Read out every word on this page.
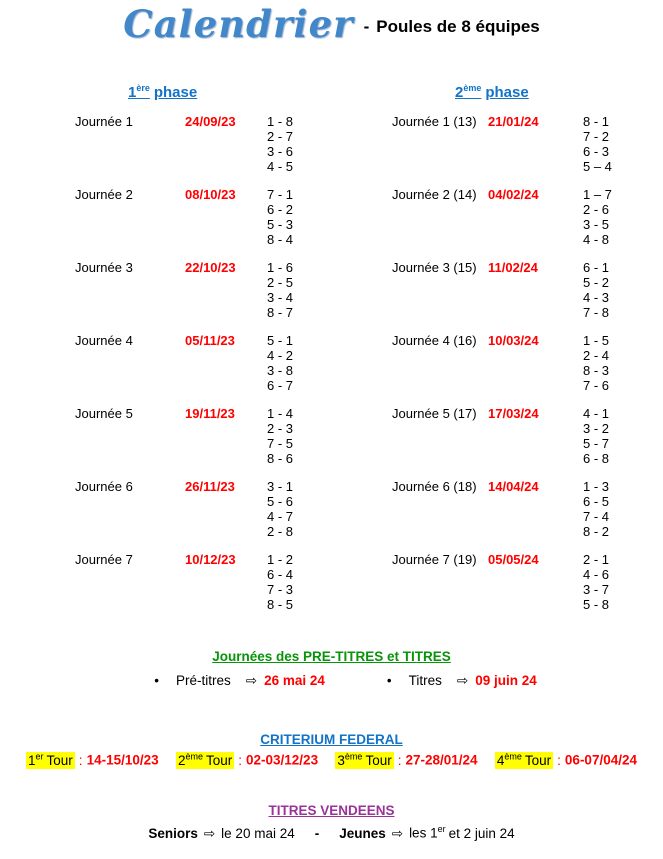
Calendrier - Poules de 8 équipes
1ère phase	2ème phase
Journée 1	24/09/23	1 - 8
2 - 7
3 - 6
4 - 5
Journée 2	08/10/23	7 - 1
6 - 2
5 - 3
8 - 4
Journée 3	22/10/23	1 - 6
2 - 5
3 - 4
8 - 7
Journée 4	05/11/23	5 - 1
4 - 2
3 - 8
6 - 7
Journée 5	19/11/23	1 - 4
2 - 3
7 - 5
8 - 6
Journée 6	26/11/23	3 - 1
5 - 6
4 - 7
2 - 8
Journée 7	10/12/23	1 - 2
6 - 4
7 - 3
8 - 5
Journée 1 (13) 21/01/24	8 - 1
7 - 2
6 - 3
5 – 4
Journée 2 (14) 04/02/24	1 – 7
2 - 6
3 - 5
4 - 8
Journée 3 (15) 11/02/24	6 - 1
5 - 2
4 - 3
7 - 8
Journée 4 (16) 10/03/24	1 - 5
2 - 4
8 - 3
7 - 6
Journée 5 (17) 17/03/24	4 - 1
3 - 2
5 - 7
6 - 8
Journée 6 (18) 14/04/24	1 - 3
6 - 5
7 - 4
8 - 2
Journée 7 (19) 05/05/24	2 - 1
4 - 6
3 - 7
5 - 8
Journées des PRE-TITRES et TITRES
• Pré-titres ⇨ 26 mai 24	• Titres ⇨ 09 juin 24
CRITERIUM FEDERAL
1er Tour : 14-15/10/23 2ème Tour : 02-03/12/23 3ème Tour : 27-28/01/24 4ème Tour : 06-07/04/24
TITRES VENDEENS
Seniors ⇨ le 20 mai 24 - Jeunes ⇨ les 1er et 2 juin 24
